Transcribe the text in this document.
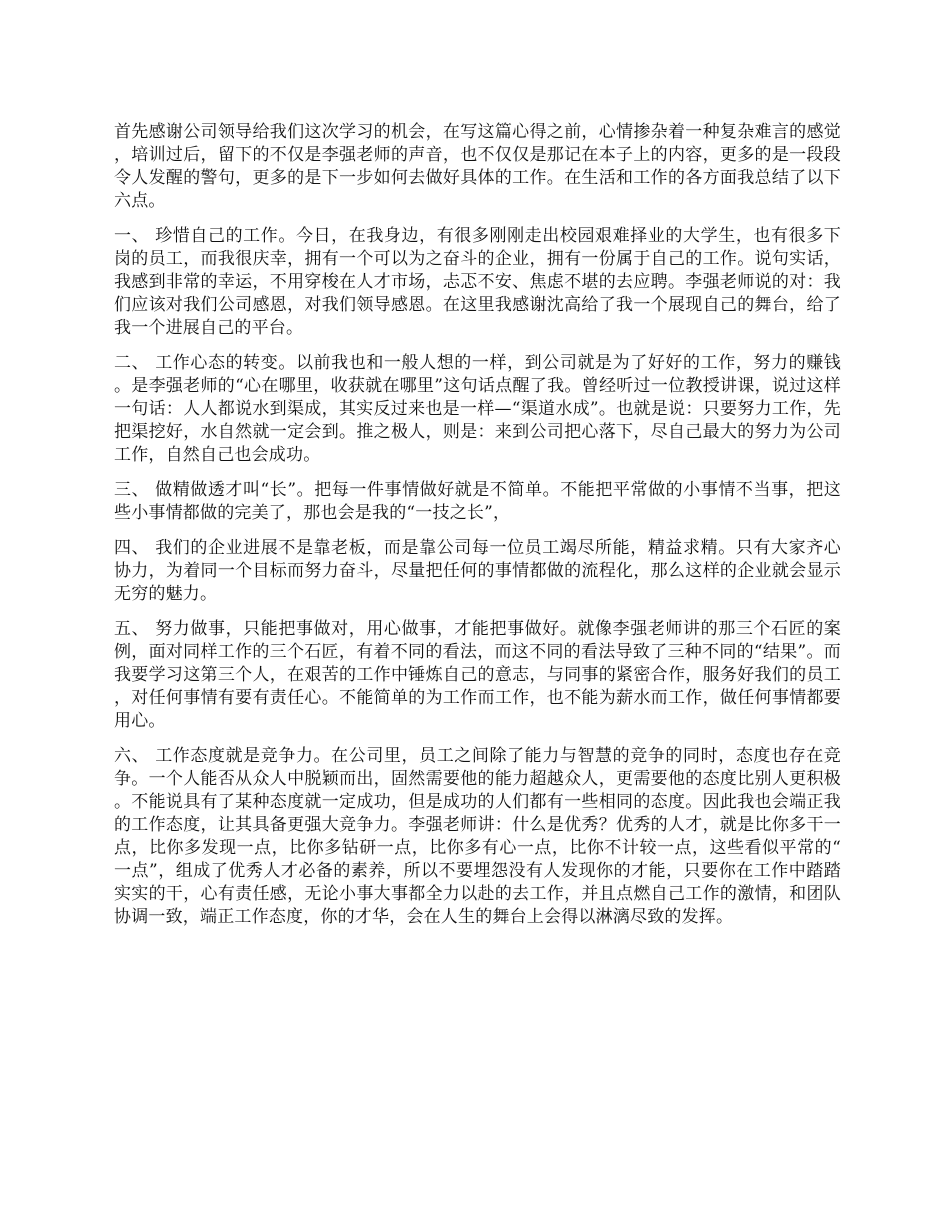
首先感谢公司领导给我们这次学习的机会，在写这篇心得之前，心情掺杂着一种复杂难言的感觉，培训过后，留下的不仅是李强老师的声音，也不仅仅是那记在本子上的内容，更多的是一段段令人发醒的警句，更多的是下一步如何去做好具体的工作。在生活和工作的各方面我总结了以下六点。

一、 珍惜自己的工作。今日，在我身边，有很多刚刚走出校园艰难择业的大学生，也有很多下岗的员工，而我很庆幸，拥有一个可以为之奋斗的企业，拥有一份属于自己的工作。说句实话，我感到非常的幸运，不用穿梭在人才市场，忐忑不安、焦虑不堪的去应聘。李强老师说的对：我们应该对我们公司感恩，对我们领导感恩。在这里我感谢沈高给了我一个展现自己的舞台，给了我一个进展自己的平台。

二、 工作心态的转变。以前我也和一般人想的一样，到公司就是为了好好的工作，努力的赚钱。是李强老师的“心在哪里，收获就在哪里”这句话点醒了我。曾经听过一位教授讲课，说过这样一句话：人人都说水到渠成，其实反过来也是一样—“渠道水成”。也就是说：只要努力工作，先把渠挖好，水自然就一定会到。推之极人，则是：来到公司把心落下，尽自己最大的努力为公司工作，自然自己也会成功。

三、 做精做透才叫“长”。把每一件事情做好就是不简单。不能把平常做的小事情不当事，把这些小事情都做的完美了，那也会是我的“一技之长”，

四、 我们的企业进展不是靠老板，而是靠公司每一位员工竭尽所能，精益求精。只有大家齐心协力，为着同一个目标而努力奋斗，尽量把任何的事情都做的流程化，那么这样的企业就会显示无穷的魅力。

五、 努力做事，只能把事做对，用心做事，才能把事做好。就像李强老师讲的那三个石匠的案例，面对同样工作的三个石匠，有着不同的看法，而这不同的看法导致了三种不同的“结果”。而我要学习这第三个人，在艰苦的工作中锤炼自己的意志，与同事的紧密合作，服务好我们的员工，对任何事情有要有责任心。不能简单的为工作而工作，也不能为薪水而工作，做任何事情都要用心。

六、 工作态度就是竞争力。在公司里，员工之间除了能力与智慧的竞争的同时，态度也存在竞争。一个人能否从众人中脱颖而出，固然需要他的能力超越众人，更需要他的态度比别人更积极。不能说具有了某种态度就一定成功，但是成功的人们都有一些相同的态度。因此我也会端正我的工作态度，让其具备更强大竞争力。李强老师讲：什么是优秀？优秀的人才，就是比你多干一点，比你多发现一点，比你多钻研一点，比你多有心一点，比你不计较一点，这些看似平常的“一点”，组成了优秀人才必备的素养，所以不要埋怨没有人发现你的才能，只要你在工作中踏踏实实的干，心有责任感，无论小事大事都全力以赴的去工作，并且点燃自己工作的激情，和团队协调一致，端正工作态度，你的才华，会在人生的舞台上会得以淋漓尽致的发挥。
